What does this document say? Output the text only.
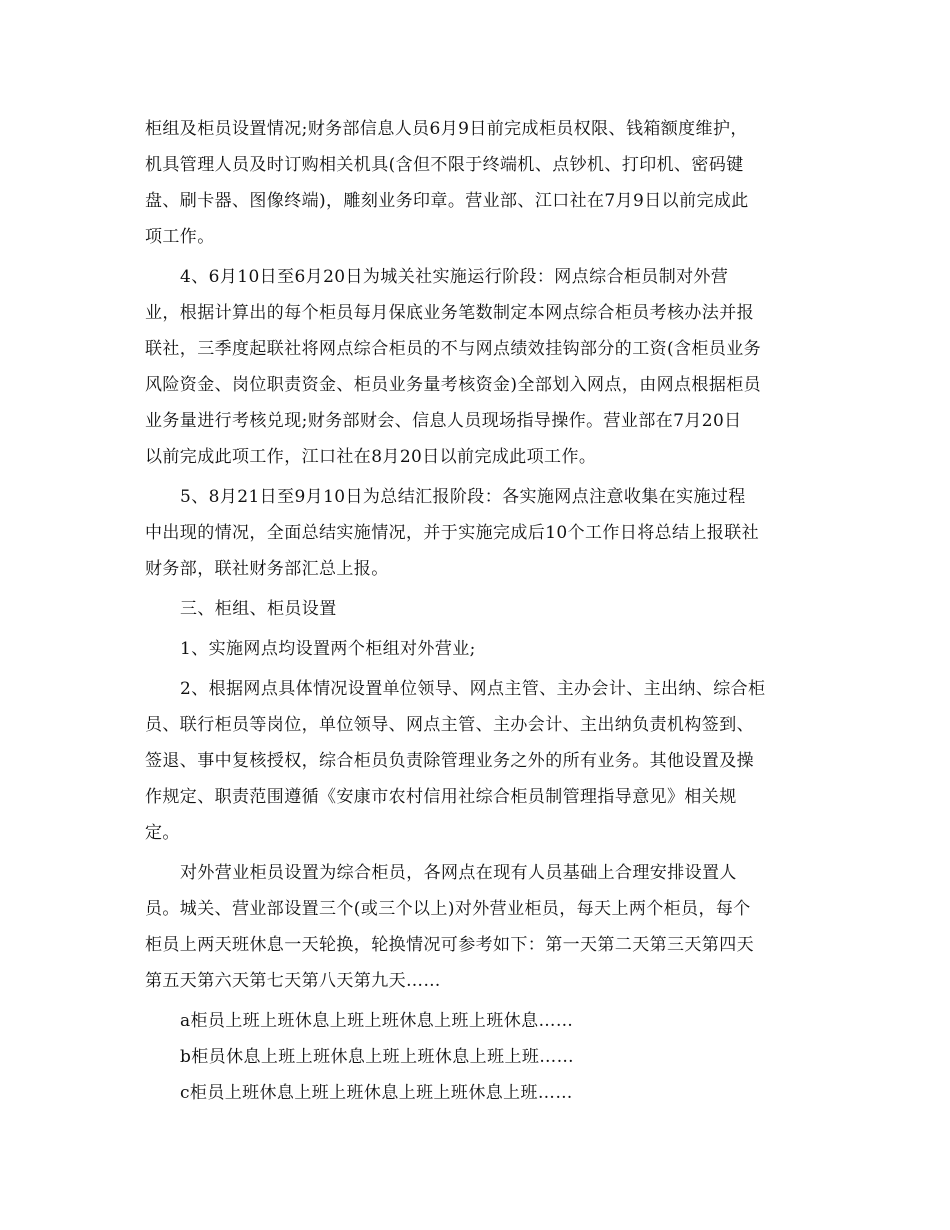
柜组及柜员设置情况;财务部信息人员6月9日前完成柜员权限、钱箱额度维护，
机具管理人员及时订购相关机具(含但不限于终端机、点钞机、打印机、密码键
盘、刷卡器、图像终端)，雕刻业务印章。营业部、江口社在7月9日以前完成此
项工作。
4、6月10日至6月20日为城关社实施运行阶段：网点综合柜员制对外营
业，根据计算出的每个柜员每月保底业务笔数制定本网点综合柜员考核办法并报
联社，三季度起联社将网点综合柜员的不与网点绩效挂钩部分的工资(含柜员业务
风险资金、岗位职责资金、柜员业务量考核资金)全部划入网点，由网点根据柜员
业务量进行考核兑现;财务部财会、信息人员现场指导操作。营业部在7月20日
以前完成此项工作，江口社在8月20日以前完成此项工作。
5、8月21日至9月10日为总结汇报阶段：各实施网点注意收集在实施过程
中出现的情况，全面总结实施情况，并于实施完成后10个工作日将总结上报联社
财务部，联社财务部汇总上报。
三、柜组、柜员设置
1、实施网点均设置两个柜组对外营业;
2、根据网点具体情况设置单位领导、网点主管、主办会计、主出纳、综合柜
员、联行柜员等岗位，单位领导、网点主管、主办会计、主出纳负责机构签到、
签退、事中复核授权，综合柜员负责除管理业务之外的所有业务。其他设置及操
作规定、职责范围遵循《安康市农村信用社综合柜员制管理指导意见》相关规
定。
对外营业柜员设置为综合柜员，各网点在现有人员基础上合理安排设置人
员。城关、营业部设置三个(或三个以上)对外营业柜员，每天上两个柜员，每个
柜员上两天班休息一天轮换，轮换情况可参考如下：第一天第二天第三天第四天
第五天第六天第七天第八天第九天……
a柜员上班上班休息上班上班休息上班上班休息……
b柜员休息上班上班休息上班上班休息上班上班……
c柜员上班休息上班上班休息上班上班休息上班……
